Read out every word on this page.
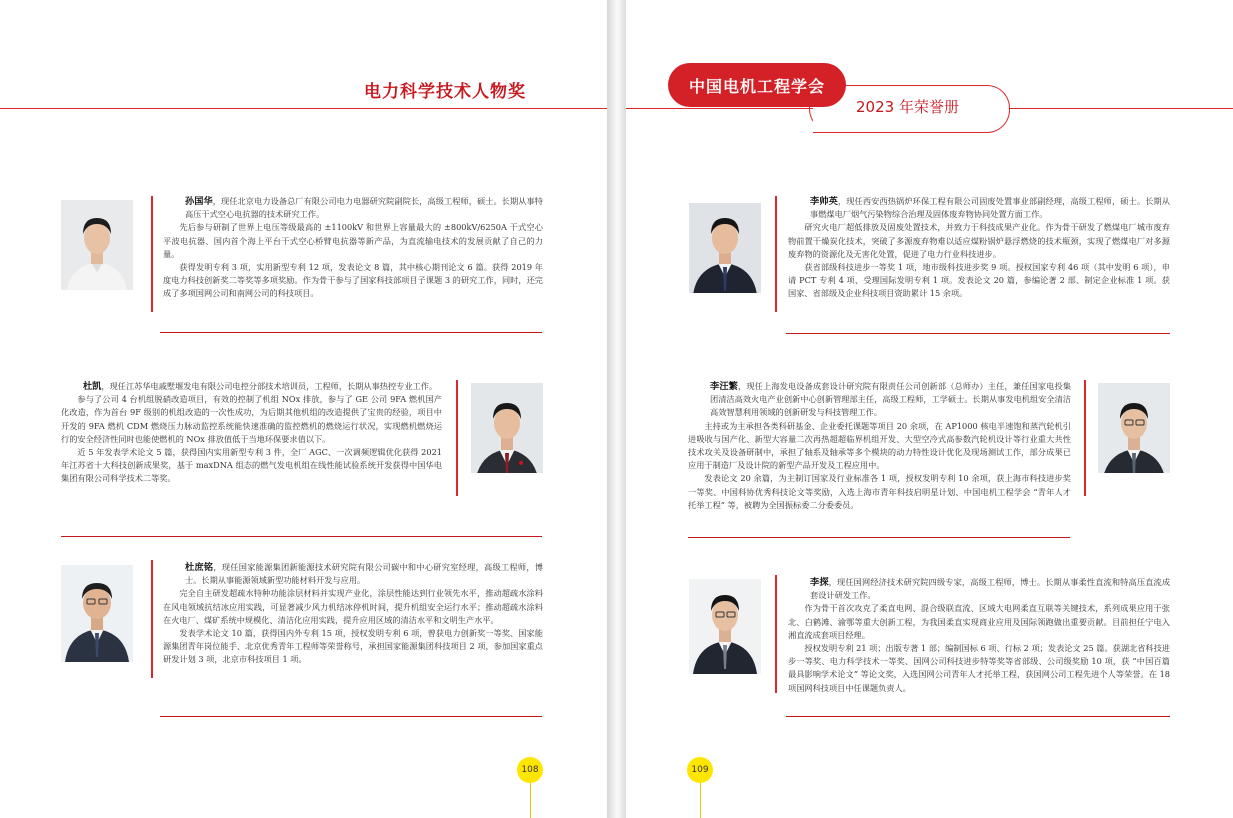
电力科学技术人物奖

孙国华，现任北京电力设备总厂有限公司电力电器研究院副院长，高级工程师，硕士。长期从事特高压干式空心电抗器的技术研究工作。

先后参与研制了世界上电压等级最高的 ±1100kV 和世界上容量最大的 ±800kV/6250A 干式空心平波电抗器、国内首个海上平台干式空心桥臂电抗器等新产品，为直流输电技术的发展贡献了自己的力量。

获得发明专利 3 项，实用新型专利 12 项，发表论文 8 篇，其中核心期刊论文 6 篇。获得 2019 年度电力科技创新奖二等奖等多项奖励。作为骨干参与了国家科技部项目子课题 3 的研究工作，同时，还完成了多项国网公司和南网公司的科技项目。

杜凯，现任江苏华电戚墅堰发电有限公司电控分部技术培训员，工程师，长期从事热控专业工作。

参与了公司 4 台机组脱硝改造项目，有效的控制了机组 NOx 排放，参与了 GE 公司 9FA 燃机国产化改造，作为首台 9F 级别的机组改造的一次性成功，为后期其他机组的改造提供了宝贵的经验，项目中开发的 9FA 燃机 CDM 燃烧压力脉动监控系统能快速准确的监控燃机的燃烧运行状况，实现燃机燃烧运行的安全经济性同时也能使燃机的 NOx 排放值低于当地环保要求值以下。

近 5 年发表学术论文 5 篇，获得国内实用新型专利 3 件，全厂 AGC、一次调频逻辑优化获得 2021 年江苏省十大科技创新成果奖，基于 maxDNA 组态的燃气发电机组在线性能试验系统开发获得中国华电集团有限公司科学技术二等奖。

杜庶铭，现任国家能源集团新能源技术研究院有限公司碳中和中心研究室经理，高级工程师，博士。长期从事能源领域新型功能材料开发与应用。

完全自主研发超疏水特种功能涂层材料并实现产业化，涂层性能达到行业领先水平，推动超疏水涂料在风电领域抗结冰应用实践，可显著减少风力机结冰停机时间，提升机组安全运行水平；推动超疏水涂料在火电厂、煤矿系统中规模化、清洁化应用实践，提升应用区域的清洁水平和文明生产水平。

发表学术论文 10 篇，获得国内外专利 15 项，授权发明专利 6 项，曾获电力创新奖一等奖、国家能源集团青年岗位能手、北京优秀青年工程师等荣誉称号，承担国家能源集团科技项目 2 项，参加国家重点研发计划 3 项，北京市科技项目 1 项。

108
中国电机工程学会
2023 年荣誉册

李帅英，现任西安西热锅炉环保工程有限公司固废处置事业部副经理，高级工程师，硕士。长期从事燃煤电厂烟气污染物综合治理及固体废弃物协同处置方面工作。

研究火电厂超低排放及固废处置技术，并致力于科技成果产业化。作为骨干研发了燃煤电厂城市废弃物前置干燥炭化技术，突破了多源废弃物难以适应煤粉锅炉悬浮燃烧的技术瓶颈，实现了燃煤电厂对多源废弃物的资源化及无害化处置，促进了电力行业科技进步。

获省部级科技进步一等奖 1 项，地市级科技进步奖 9 项。授权国家专利 46 项（其中发明 6 项），申请 PCT 专利 4 项、受理国际发明专利 1 项。发表论文 20 篇，参编论著 2 部、制定企业标准 1 项。获国家、省部级及企业科技项目资助累计 15 余项。

李汪繁，现任上海发电设备成套设计研究院有限责任公司创新部（总师办）主任，兼任国家电投集团清洁高效火电产业创新中心创新管理部主任，高级工程师，工学硕士。长期从事发电机组安全清洁高效智慧利用领域的创新研发与科技管理工作。

主持或为主承担各类科研基金、企业委托课题等项目 20 余项，在 AP1000 核电半速饱和蒸汽轮机引进吸收与国产化、新型大容量二次再热超超临界机组开发、大型空冷式高参数汽轮机设计等行业重大共性技术攻关及设备研制中，承担了轴系及轴承等多个模块的动力特性设计优化及现场测试工作，部分成果已应用于制造厂及设计院的新型产品开发及工程应用中。

发表论文 20 余篇，为主制订国家及行业标准各 1 项，授权发明专利 10 余项，获上海市科技进步奖一等奖、中国科协优秀科技论文等奖励，入选上海市青年科技启明星计划、中国电机工程学会 “青年人才托举工程” 等，被聘为全国振标委二分委委员。

李探，现任国网经济技术研究院四级专家，高级工程师，博士。长期从事柔性直流和特高压直流成套设计研发工作。

作为骨干首次攻克了柔直电网、混合级联直流、区域大电网柔直互联等关键技术，系列成果应用于张北、白鹤滩、渝鄂等重大创新工程，为我国柔直实现商业应用及国际领跑做出重要贡献。目前担任宁电入湘直流成套项目经理。

授权发明专利 21 项；出版专著 1 部；编制国标 6 项、行标 2 项；发表论文 25 篇。获湖北省科技进步一等奖、电力科学技术一等奖、国网公司科技进步特等奖等省部级、公司级奖励 10 项，获 “中国百篇最具影响学术论文” 等论文奖，入选国网公司青年人才托举工程，获国网公司工程先进个人等荣誉。在 18 项国网科技项目中任课题负责人。

109
